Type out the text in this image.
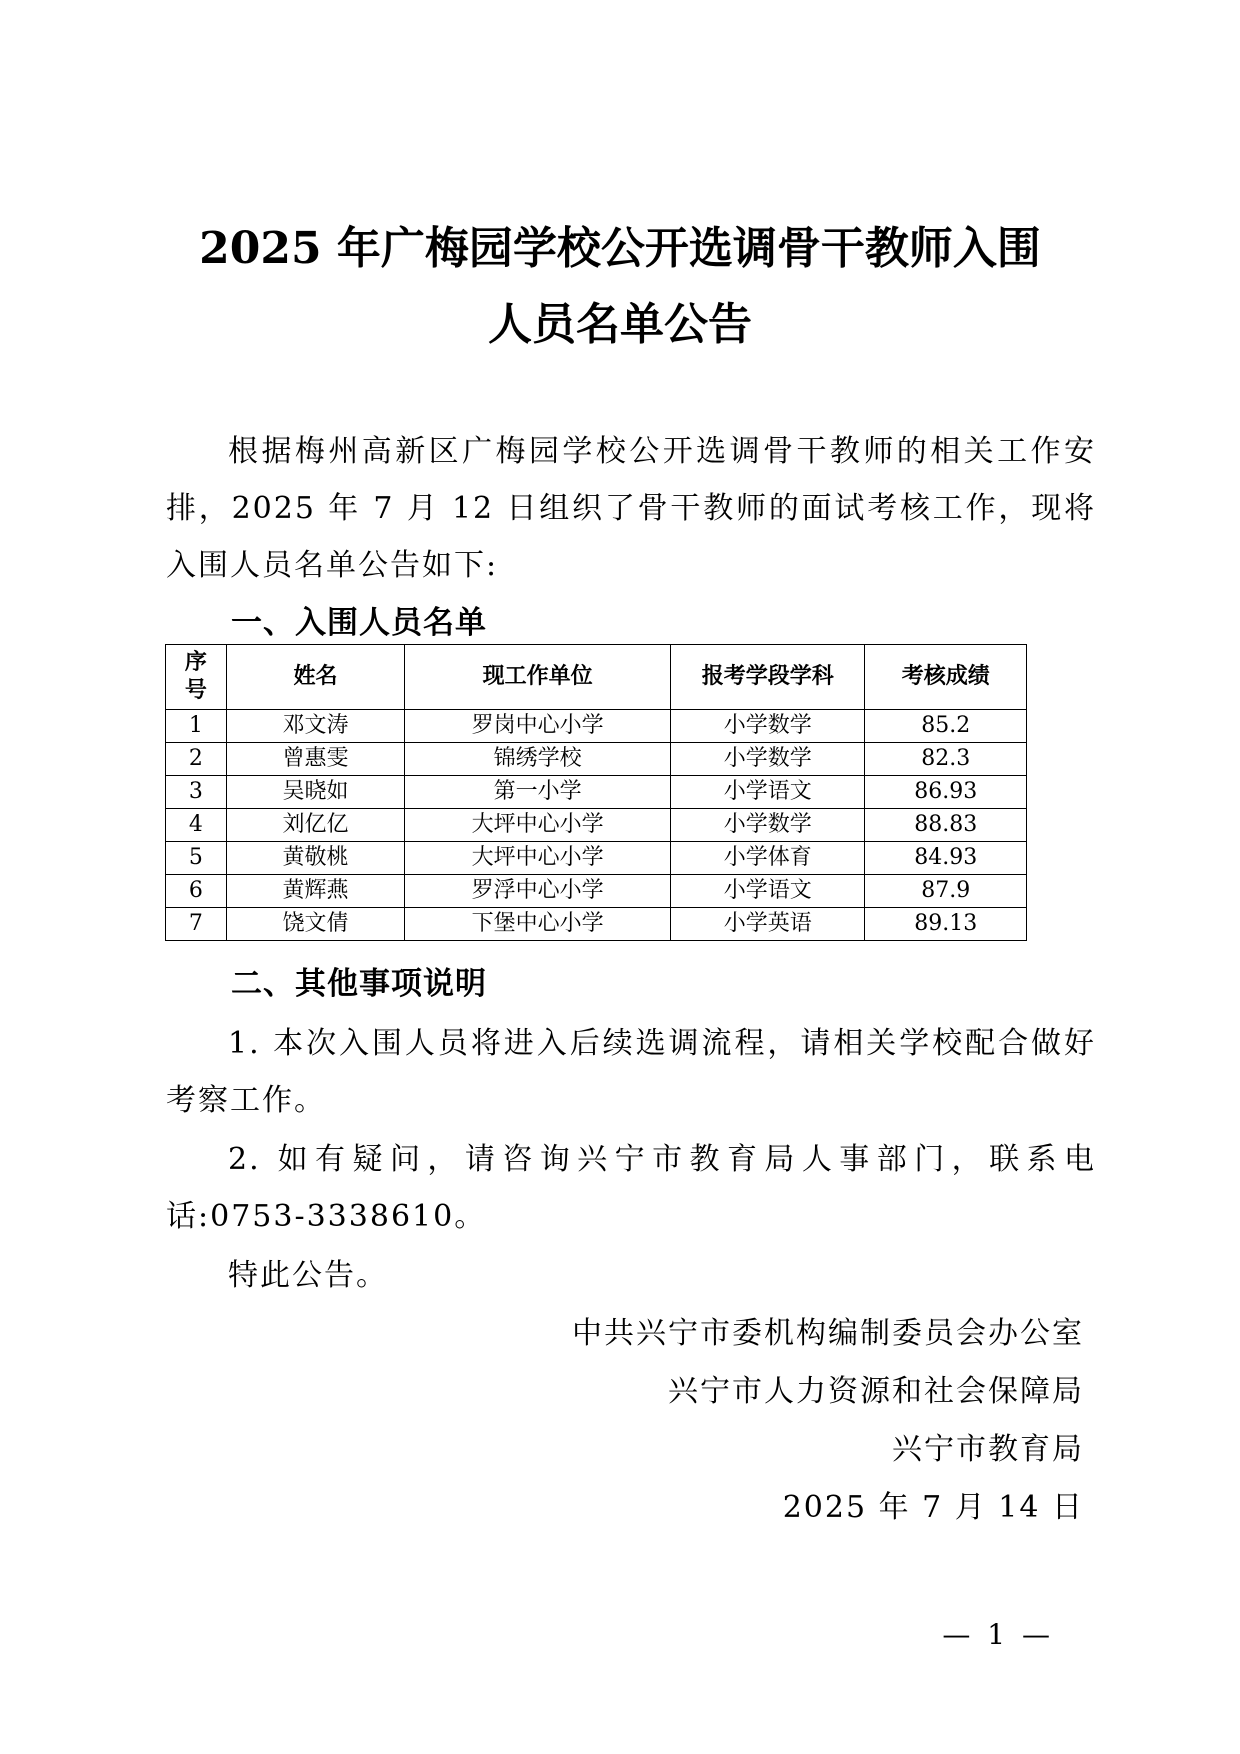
2025 年广梅园学校公开选调骨干教师入围
人员名单公告
根据梅州高新区广梅园学校公开选调骨干教师的相关工作安排，2025 年 7 月 12 日组织了骨干教师的面试考核工作，现将入围人员名单公告如下:
一、入围人员名单
序
号	姓名	现工作单位	报考学段学科	考核成绩
1	邓文涛	罗岗中心小学	小学数学	85.2
2	曾惠雯	锦绣学校	小学数学	82.3
3	吴晓如	第一小学	小学语文	86.93
4	刘亿亿	大坪中心小学	小学数学	88.83
5	黄敬桃	大坪中心小学	小学体育	84.93
6	黄辉燕	罗浮中心小学	小学语文	87.9
7	饶文倩	下堡中心小学	小学英语	89.13
二、其他事项说明
1. 本次入围人员将进入后续选调流程，请相关学校配合做好考察工作。
2. 如有疑问，请咨询兴宁市教育局人事部门，联系电话:0753-3338610。
特此公告。
中共兴宁市委机构编制委员会办公室
兴宁市人力资源和社会保障局
兴宁市教育局
2025 年 7 月 14 日
— 1 —
